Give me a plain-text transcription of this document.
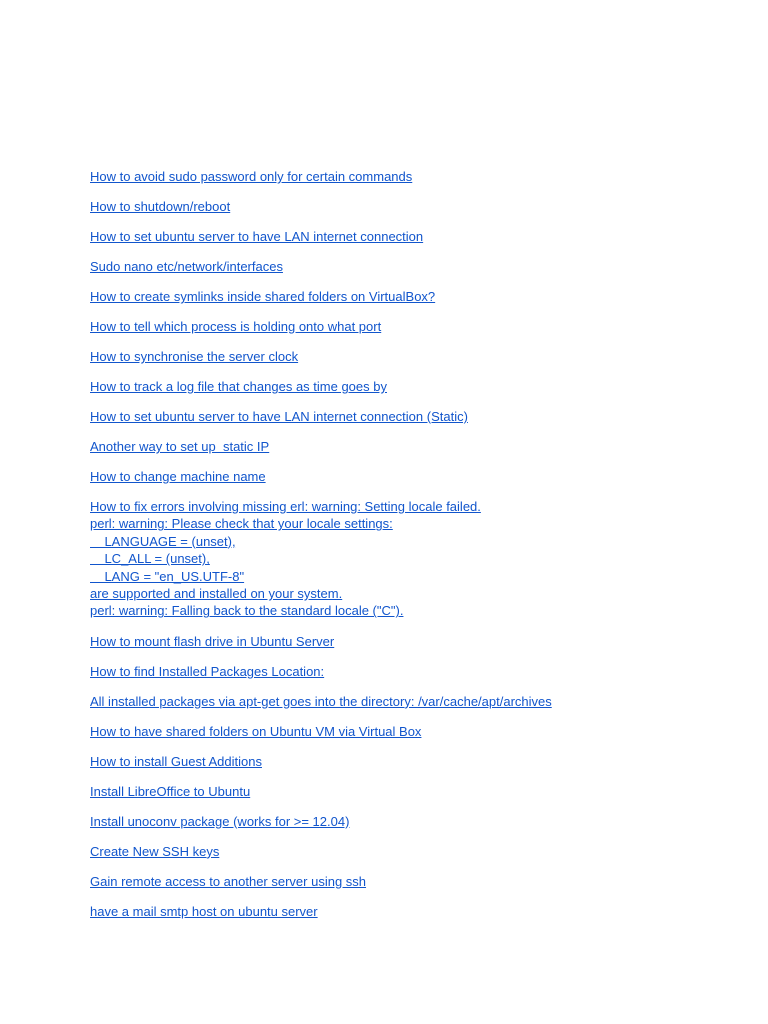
How to avoid sudo password only for certain commands
How to shutdown/reboot
How to set ubuntu server to have LAN internet connection
Sudo nano etc/network/interfaces
How to create symlinks inside shared folders on VirtualBox?
How to tell which process is holding onto what port
How to synchronise the server clock
How to track a log file that changes as time goes by
How to set ubuntu server to have LAN internet connection (Static)
Another way to set up  static IP
How to change machine name
How to fix errors involving missing erl: warning: Setting locale failed.
perl: warning: Please check that your locale settings:
LANGUAGE = (unset),
LC_ALL = (unset),
LANG = "en_US.UTF-8"
are supported and installed on your system.
perl: warning: Falling back to the standard locale ("C").
How to mount flash drive in Ubuntu Server
How to find Installed Packages Location:
All installed packages via apt-get goes into the directory: /var/cache/apt/archives
How to have shared folders on Ubuntu VM via Virtual Box
How to install Guest Additions
Install LibreOffice to Ubuntu
Install unoconv package (works for >= 12.04)
Create New SSH keys
Gain remote access to another server using ssh
have a mail smtp host on ubuntu server
